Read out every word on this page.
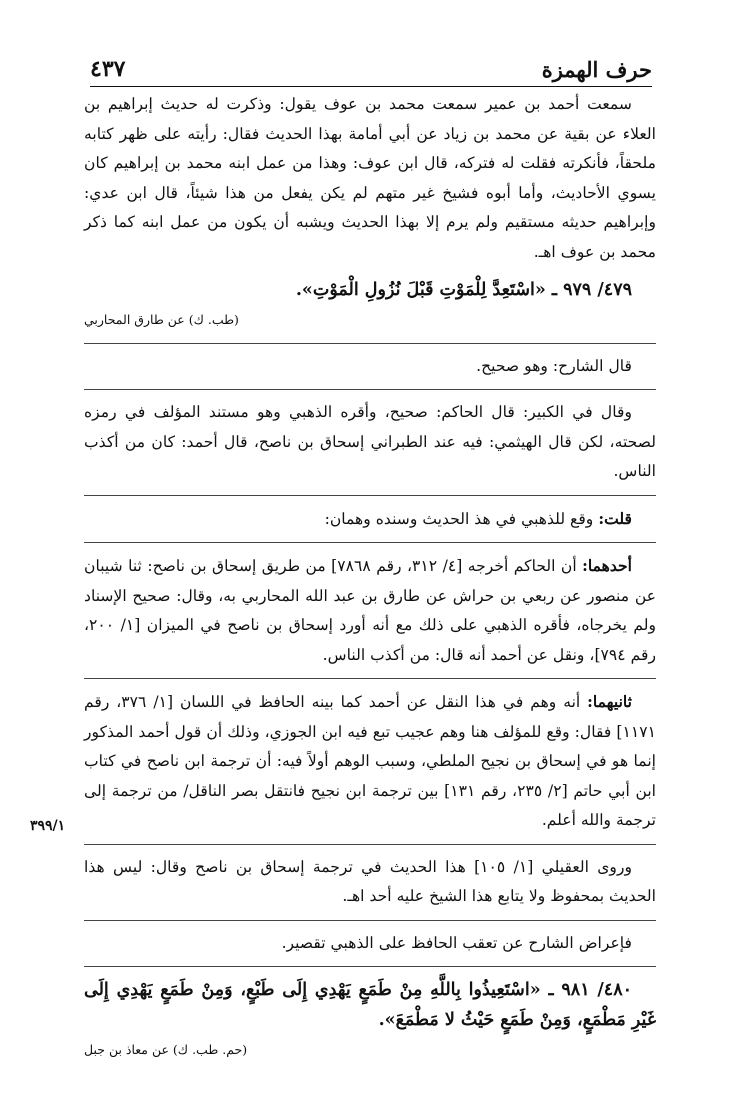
٤٣٧	حرف الهمزة
٣٩٩/١

سمعت أحمد بن عمير سمعت محمد بن عوف يقول: وذكرت له حديث إبراهيم بن العلاء عن بقية عن محمد بن زياد عن أبي أمامة بهذا الحديث فقال: رأيته على ظهر كتابه ملحقاً، فأنكرته فقلت له فتركه، قال ابن عوف: وهذا من عمل ابنه محمد بن إبراهيم كان يسوي الأحاديث، وأما أبوه فشيخ غير متهم لم يكن يفعل من هذا شيئاً، قال ابن عدي: وإبراهيم حديثه مستقيم ولم يرم إلا بهذا الحديث ويشبه أن يكون من عمل ابنه كما ذكر محمد بن عوف اهـ.

٤٧٩/ ٩٧٩ ـ «اسْتَعِدَّ لِلْمَوْتِ قَبْلَ نُزُولِ الْمَوْتِ».

(طب. ك) عن طارق المحاربي

قال الشارح: وهو صحيح.

وقال في الكبير: قال الحاكم: صحيح، وأقره الذهبي وهو مستند المؤلف في رمزه لصحته، لكن قال الهيثمي: فيه عند الطبراني إسحاق بن ناصح، قال أحمد: كان من أكذب الناس.

قلت: وقع للذهبي في هذ الحديث وسنده وهمان:

أحدهما: أن الحاكم أخرجه [٤/ ٣١٢، رقم ٧٨٦٨] من طريق إسحاق بن ناصح: ثنا شيبان عن منصور عن ربعي بن حراش عن طارق بن عبد الله المحاربي به، وقال: صحيح الإسناد ولم يخرجاه، فأقره الذهبي على ذلك مع أنه أورد إسحاق بن ناصح في الميزان [١/ ٢٠٠، رقم ٧٩٤]، ونقل عن أحمد أنه قال: من أكذب الناس.

ثانيهما: أنه وهم في هذا النقل عن أحمد كما بينه الحافظ في اللسان [١/ ٣٧٦، رقم ١١٧١] فقال: وقع للمؤلف هنا وهم عجيب تبع فيه ابن الجوزي، وذلك أن قول أحمد المذكور إنما هو في إسحاق بن نجيح الملطي، وسبب الوهم أولاً فيه: أن ترجمة ابن ناصح في كتاب ابن أبي حاتم [٢/ ٢٣٥، رقم ١٣١] بين ترجمة ابن نجيح فانتقل بصر الناقل/ من ترجمة إلى ترجمة والله أعلم.

وروى العقيلي [١/ ١٠٥] هذا الحديث في ترجمة إسحاق بن ناصح وقال: ليس هذا الحديث بمحفوظ ولا يتابع هذا الشيخ عليه أحد اهـ.

فإعراض الشارح عن تعقب الحافظ على الذهبي تقصير.

٤٨٠/ ٩٨١ ـ «اسْتَعِيذُوا بِاللَّهِ مِنْ طَمَعٍ يَهْدِي إِلَى طَبْعٍ، وَمِنْ طَمَعٍ يَهْدِي إِلَى غَيْرِ مَطْمَعٍ، وَمِنْ طَمَعٍ حَيْثُ لا مَطْمَعَ».

(حم. طب. ك) عن معاذ بن جبل
